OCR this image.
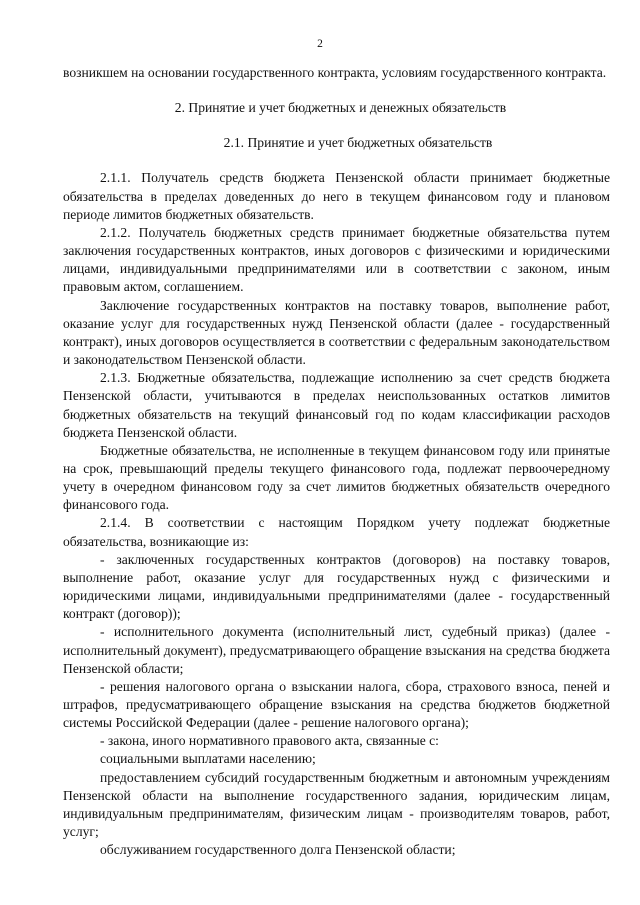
2

возникшем на основании государственного контракта, условиям государственного контракта.

2. Принятие и учет бюджетных и денежных обязательств

2.1. Принятие и учет бюджетных обязательств

2.1.1. Получатель средств бюджета Пензенской области принимает бюджетные обязательства в пределах доведенных до него в текущем финансовом году и плановом периоде лимитов бюджетных обязательств.

2.1.2. Получатель бюджетных средств принимает бюджетные обязательства путем заключения государственных контрактов, иных договоров с физическими и юридическими лицами, индивидуальными предпринимателями или в соответствии с законом, иным правовым актом, соглашением.

Заключение государственных контрактов на поставку товаров, выполнение работ, оказание услуг для государственных нужд Пензенской области (далее - государственный контракт), иных договоров осуществляется в соответствии с федеральным законодательством и законодательством Пензенской области.

2.1.3. Бюджетные обязательства, подлежащие исполнению за счет средств бюджета Пензенской области, учитываются в пределах неиспользованных остатков лимитов бюджетных обязательств на текущий финансовый год по кодам классификации расходов бюджета Пензенской области.

Бюджетные обязательства, не исполненные в текущем финансовом году или принятые на срок, превышающий пределы текущего финансового года, подлежат первоочередному учету в очередном финансовом году за счет лимитов бюджетных обязательств очередного финансового года.

2.1.4. В соответствии с настоящим Порядком учету подлежат бюджетные обязательства, возникающие из:

- заключенных государственных контрактов (договоров) на поставку товаров, выполнение работ, оказание услуг для государственных нужд с физическими и юридическими лицами, индивидуальными предпринимателями (далее - государственный контракт (договор));

- исполнительного документа (исполнительный лист, судебный приказ) (далее - исполнительный документ), предусматривающего обращение взыскания на средства бюджета Пензенской области;

- решения налогового органа о взыскании налога, сбора, страхового взноса, пеней и штрафов, предусматривающего обращение взыскания на средства бюджетов бюджетной системы Российской Федерации (далее - решение налогового органа);

- закона, иного нормативного правового акта, связанные с:

социальными выплатами населению;

предоставлением субсидий государственным бюджетным и автономным учреждениям Пензенской области на выполнение государственного задания, юридическим лицам, индивидуальным предпринимателям, физическим лицам - производителям товаров, работ, услуг;

обслуживанием государственного долга Пензенской области;
